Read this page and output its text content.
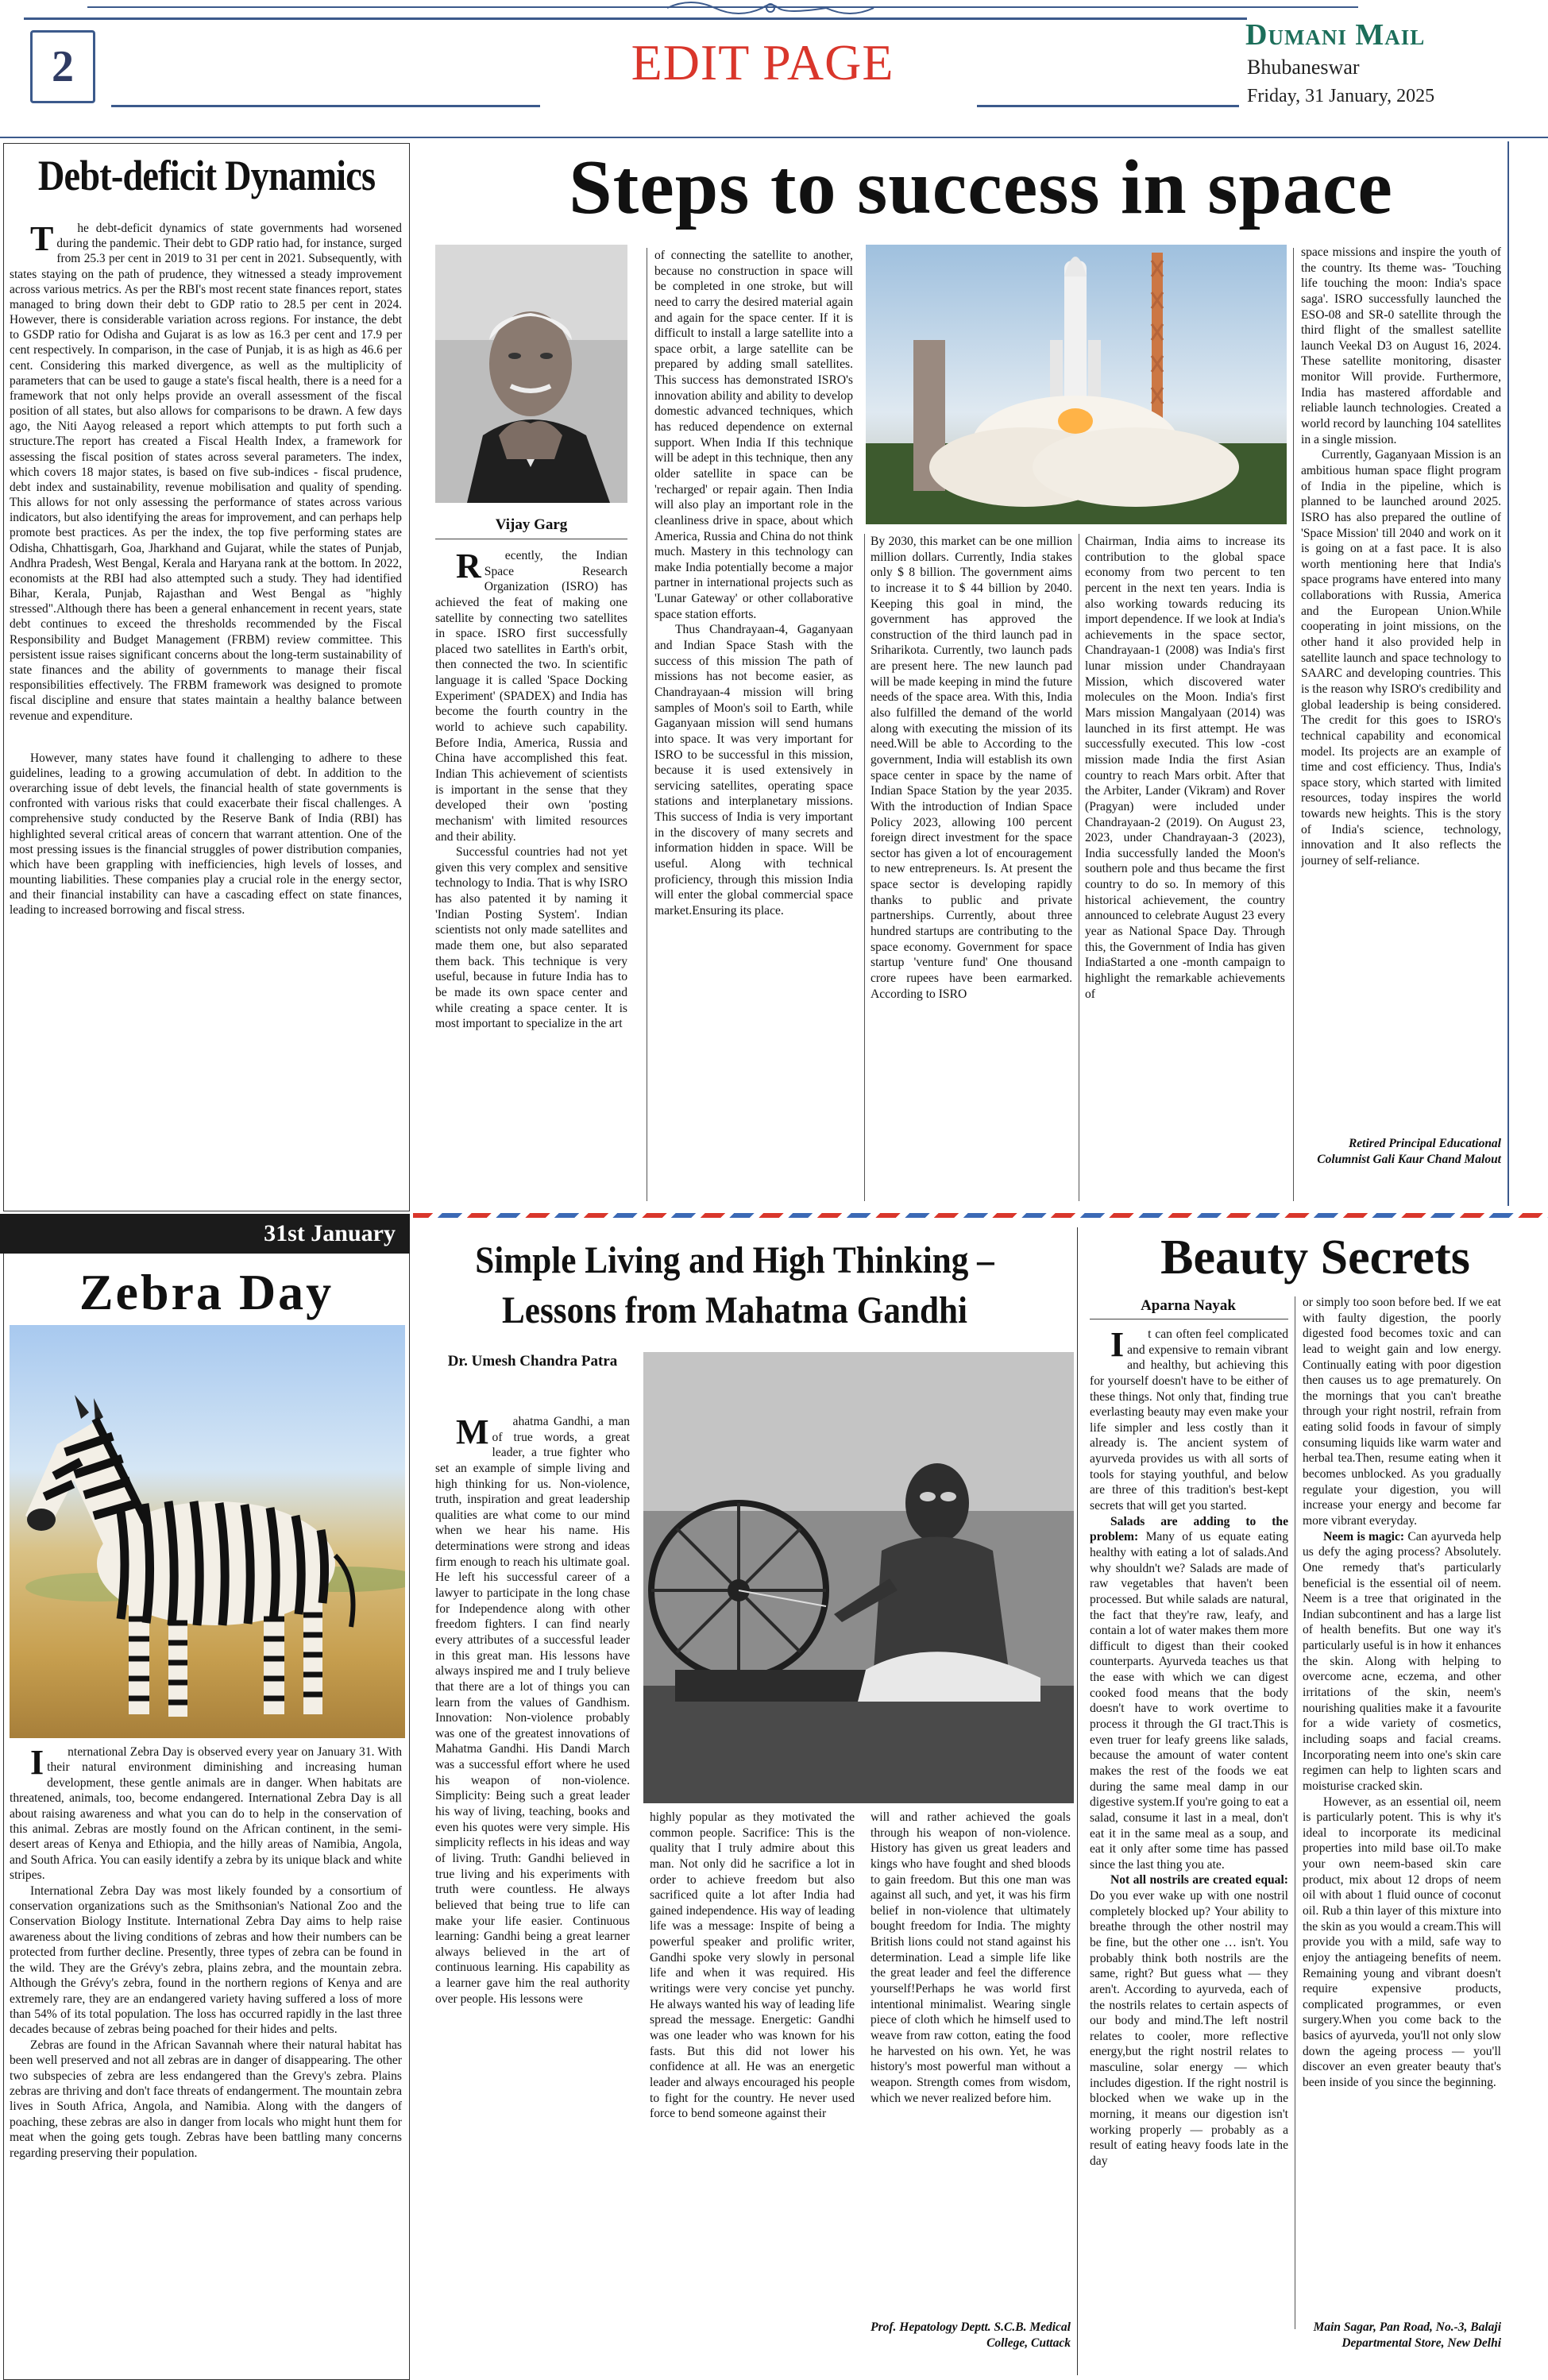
2	EDIT PAGE	Dumani Mail
Bhubaneswar
Friday, 31 January, 2025
Debt-deficit Dynamics

The debt-deficit dynamics of state governments had worsened during the pandemic. Their debt to GDP ratio had, for instance, surged from 25.3 per cent in 2019 to 31 per cent in 2021. Subsequently, with states staying on the path of prudence, they witnessed a steady improvement across various metrics. As per the RBI's most recent state finances report, states managed to bring down their debt to GDP ratio to 28.5 per cent in 2024. However, there is considerable variation across regions. For instance, the debt to GSDP ratio for Odisha and Gujarat is as low as 16.3 per cent and 17.9 per cent respectively. In comparison, in the case of Punjab, it is as high as 46.6 per cent. Considering this marked divergence, as well as the multiplicity of parameters that can be used to gauge a state's fiscal health, there is a need for a framework that not only helps provide an overall assessment of the fiscal position of all states, but also allows for comparisons to be drawn. A few days ago, the Niti Aayog released a report which attempts to put forth such a structure.The report has created a Fiscal Health Index, a framework for assessing the fiscal position of states across several parameters. The index, which covers 18 major states, is based on five sub-indices - fiscal prudence, debt index and sustainability, revenue mobilisation and quality of spending. This allows for not only assessing the performance of states across various indicators, but also identifying the areas for improvement, and can perhaps help promote best practices. As per the index, the top five performing states are Odisha, Chhattisgarh, Goa, Jharkhand and Gujarat, while the states of Punjab, Andhra Pradesh, West Bengal, Kerala and Haryana rank at the bottom. In 2022, economists at the RBI had also attempted such a study. They had identified Bihar, Kerala, Punjab, Rajasthan and West Bengal as "highly stressed".Although there has been a general enhancement in recent years, state debt continues to exceed the thresholds recommended by the Fiscal Responsibility and Budget Management (FRBM) review committee. This persistent issue raises significant concerns about the long-term sustainability of state finances and the ability of governments to manage their fiscal responsibilities effectively. The FRBM framework was designed to promote fiscal discipline and ensure that states maintain a healthy balance between revenue and expenditure.

However, many states have found it challenging to adhere to these guidelines, leading to a growing accumulation of debt. In addition to the overarching issue of debt levels, the financial health of state governments is confronted with various risks that could exacerbate their fiscal challenges. A comprehensive study conducted by the Reserve Bank of India (RBI) has highlighted several critical areas of concern that warrant attention. One of the most pressing issues is the financial struggles of power distribution companies, which have been grappling with inefficiencies, high levels of losses, and mounting liabilities. These companies play a crucial role in the energy sector, and their financial instability can have a cascading effect on state finances, leading to increased borrowing and fiscal stress.

31st January
Zebra Day

International Zebra Day is observed every year on January 31. With their natural environment diminishing and increasing human development, these gentle animals are in danger. When habitats are threatened, animals, too, become endangered. International Zebra Day is all about raising awareness and what you can do to help in the conservation of this animal. Zebras are mostly found on the African continent, in the semi-desert areas of Kenya and Ethiopia, and the hilly areas of Namibia, Angola, and South Africa. You can easily identify a zebra by its unique black and white stripes.

International Zebra Day was most likely founded by a consortium of conservation organizations such as the Smithsonian's National Zoo and the Conservation Biology Institute. International Zebra Day aims to help raise awareness about the living conditions of zebras and how their numbers can be protected from further decline. Presently, three types of zebra can be found in the wild. They are the Grévy's zebra, plains zebra, and the mountain zebra. Although the Grévy's zebra, found in the northern regions of Kenya and are extremely rare, they are an endangered variety having suffered a loss of more than 54% of its total population. The loss has occurred rapidly in the last three decades because of zebras being poached for their hides and pelts.

Zebras are found in the African Savannah where their natural habitat has been well preserved and not all zebras are in danger of disappearing. The other two subspecies of zebra are less endangered than the Grevy's zebra. Plains zebras are thriving and don't face threats of endangerment. The mountain zebra lives in South Africa, Angola, and Namibia. Along with the dangers of poaching, these zebras are also in danger from locals who might hunt them for meat when the going gets tough. Zebras have been battling many concerns regarding preserving their population.

Steps to success in space
Vijay Garg

Recently, the Indian Space Research Organization (ISRO) has achieved the feat of making one satellite by connecting two satellites in space. ISRO first successfully placed two satellites in Earth's orbit, then connected the two. In scientific language it is called 'Space Docking Experiment' (SPADEX) and India has become the fourth country in the world to achieve such capability. Before India, America, Russia and China have accomplished this feat. Indian This achievement of scientists is important in the sense that they developed their own 'posting mechanism' with limited resources and their ability.

Successful countries had not yet given this very complex and sensitive technology to India. That is why ISRO has also patented it by naming it 'Indian Posting System'. Indian scientists not only made satellites and made them one, but also separated them back. This technique is very useful, because in future India has to be made its own space center and while creating a space center. It is most important to specialize in the art

of connecting the satellite to another, because no construction in space will be completed in one stroke, but will need to carry the desired material again and again for the space center. If it is difficult to install a large satellite into a space orbit, a large satellite can be prepared by adding small satellites. This success has demonstrated ISRO's innovation ability and ability to develop domestic advanced techniques, which has reduced dependence on external support. When India If this technique will be adept in this technique, then any older satellite in space can be 'recharged' or repair again. Then India will also play an important role in the cleanliness drive in space, about which America, Russia and China do not think much. Mastery in this technology can make India potentially become a major partner in international projects such as 'Lunar Gateway' or other collaborative space station efforts.

Thus Chandrayaan-4, Gaganyaan and Indian Space Stash with the success of this mission The path of missions has not become easier, as Chandrayaan-4 mission will bring samples of Moon's soil to Earth, while Gaganyaan mission will send humans into space. It was very important for ISRO to be successful in this mission, because it is used extensively in servicing satellites, operating space stations and interplanetary missions. This success of India is very important in the discovery of many secrets and information hidden in space. Will be useful. Along with technical proficiency, through this mission India will enter the global commercial space market.Ensuring its place.

By 2030, this market can be one million million dollars. Currently, India stakes only $ 8 billion. The government aims to increase it to $ 44 billion by 2040. Keeping this goal in mind, the government has approved the construction of the third launch pad in Sriharikota. Currently, two launch pads are present here. The new launch pad will be made keeping in mind the future needs of the space area. With this, India also fulfilled the demand of the world along with executing the mission of its need.Will be able to According to the government, India will establish its own space center in space by the name of Indian Space Station by the year 2035. With the introduction of Indian Space Policy 2023, allowing 100 percent foreign direct investment for the space sector has given a lot of encouragement to new entrepreneurs. Is. At present the space sector is developing rapidly thanks to public and private partnerships. Currently, about three hundred startups are contributing to the space economy. Government for space startup 'venture fund' One thousand crore rupees have been earmarked. According to ISRO

Chairman, India aims to increase its contribution to the global space economy from two percent to ten percent in the next ten years. India is also working towards reducing its import dependence. If we look at India's achievements in the space sector, Chandrayaan-1 (2008) was India's first lunar mission under Chandrayaan Mission, which discovered water molecules on the Moon. India's first Mars mission Mangalyaan (2014) was launched in its first attempt. He was successfully executed. This low -cost mission made India the first Asian country to reach Mars orbit. After that the Arbiter, Lander (Vikram) and Rover (Pragyan) were included under Chandrayaan-2 (2019). On August 23, 2023, under Chandrayaan-3 (2023), India successfully landed the Moon's southern pole and thus became the first country to do so. In memory of this historical achievement, the country announced to celebrate August 23 every year as National Space Day. Through this, the Government of India has given IndiaStarted a one -month campaign to highlight the remarkable achievements of

space missions and inspire the youth of the country. Its theme was- 'Touching life touching the moon: India's space saga'. ISRO successfully launched the ESO-08 and SR-0 satellite through the third flight of the smallest satellite launch Veekal D3 on August 16, 2024. These satellite monitoring, disaster monitor Will provide. Furthermore, India has mastered affordable and reliable launch technologies. Created a world record by launching 104 satellites in a single mission.

Currently, Gaganyaan Mission is an ambitious human space flight program of India in the pipeline, which is planned to be launched around 2025. ISRO has also prepared the outline of 'Space Mission' till 2040 and work on it is going on at a fast pace. It is also worth mentioning here that India's space programs have entered into many collaborations with Russia, America and the European Union.While cooperating in joint missions, on the other hand it also provided help in satellite launch and space technology to SAARC and developing countries. This is the reason why ISRO's credibility and global leadership is being considered. The credit for this goes to ISRO's technical capability and economical model. Its projects are an example of time and cost efficiency. Thus, India's space story, which started with limited resources, today inspires the world towards new heights. This is the story of India's science, technology, innovation and It also reflects the journey of self-reliance.

Retired Principal Educational Columnist Gali Kaur Chand Malout
Simple Living and High Thinking –
Lessons from Mahatma Gandhi
Dr. Umesh Chandra Patra

Mahatma Gandhi, a man of true words, a great leader, a true fighter who set an example of simple living and high thinking for us. Non-violence, truth, inspiration and great leadership qualities are what come to our mind when we hear his name. His determinations were strong and ideas firm enough to reach his ultimate goal. He left his successful career of a lawyer to participate in the long chase for Independence along with other freedom fighters. I can find nearly every attributes of a successful leader in this great man. His lessons have always inspired me and I truly believe that there are a lot of things you can learn from the values of Gandhism. Innovation: Non-violence probably was one of the greatest innovations of Mahatma Gandhi. His Dandi March was a successful effort where he used his weapon of non-violence. Simplicity: Being such a great leader his way of living, teaching, books and even his quotes were very simple. His simplicity reflects in his ideas and way of living. Truth: Gandhi believed in true living and his experiments with truth were countless. He always believed that being true to life can make your life easier. Continuous learning: Gandhi being a great learner always believed in the art of continuous learning. His capability as a learner gave him the real authority over people. His lessons were

highly popular as they motivated the common people. Sacrifice: This is the quality that I truly admire about this man. Not only did he sacrifice a lot in order to achieve freedom but also sacrificed quite a lot after India had gained independence. His way of leading life was a message: Inspite of being a powerful speaker and prolific writer, Gandhi spoke very slowly in personal life and when it was required. His writings were very concise yet punchy. He always wanted his way of leading life spread the message. Energetic: Gandhi was one leader who was known for his fasts. But this did not lower his confidence at all. He was an energetic leader and always encouraged his people to fight for the country. He never used force to bend someone against their

will and rather achieved the goals through his weapon of non-violence. History has given us great leaders and kings who have fought and shed bloods to gain freedom. But this one man was against all such, and yet, it was his firm belief in non-violence that ultimately bought freedom for India. The mighty British lions could not stand against his determination. Lead a simple life like the great leader and feel the difference yourself!Perhaps he was world first intentional minimalist. Wearing single piece of cloth which he himself used to weave from raw cotton, eating the food he harvested on his own. Yet, he was history's most powerful man without a weapon. Strength comes from wisdom, which we never realized before him.

Prof. Hepatology Deptt. S.C.B. Medical College, Cuttack
Beauty Secrets
Aparna Nayak

It can often feel complicated and expensive to remain vibrant and healthy, but achieving this for yourself doesn't have to be either of these things. Not only that, finding true everlasting beauty may even make your life simpler and less costly than it already is. The ancient system of ayurveda provides us with all sorts of tools for staying youthful, and below are three of this tradition's best-kept secrets that will get you started.

Salads are adding to the problem: Many of us equate eating healthy with eating a lot of salads.And why shouldn't we? Salads are made of raw vegetables that haven't been processed. But while salads are natural, the fact that they're raw, leafy, and contain a lot of water makes them more difficult to digest than their cooked counterparts. Ayurveda teaches us that the ease with which we can digest cooked food means that the body doesn't have to work overtime to process it through the GI tract.This is even truer for leafy greens like salads, because the amount of water content makes the rest of the foods we eat during the same meal damp in our digestive system.If you're going to eat a salad, consume it last in a meal, don't eat it in the same meal as a soup, and eat it only after some time has passed since the last thing you ate.

Not all nostrils are created equal: Do you ever wake up with one nostril completely blocked up? Your ability to breathe through the other nostril may be fine, but the other one … isn't. You probably think both nostrils are the same, right? But guess what — they aren't. According to ayurveda, each of the nostrils relates to certain aspects of our body and mind.The left nostril relates to cooler, more reflective energy,but the right nostril relates to masculine, solar energy — which includes digestion. If the right nostril is blocked when we wake up in the morning, it means our digestion isn't working properly — probably as a result of eating heavy foods late in the day

or simply too soon before bed. If we eat with faulty digestion, the poorly digested food becomes toxic and can lead to weight gain and low energy. Continually eating with poor digestion then causes us to age prematurely. On the mornings that you can't breathe through your right nostril, refrain from eating solid foods in favour of simply consuming liquids like warm water and herbal tea.Then, resume eating when it becomes unblocked. As you gradually regulate your digestion, you will increase your energy and become far more vibrant everyday.

Neem is magic: Can ayurveda help us defy the aging process? Absolutely. One remedy that's particularly beneficial is the essential oil of neem. Neem is a tree that originated in the Indian subcontinent and has a large list of health benefits. But one way it's particularly useful is in how it enhances the skin. Along with helping to overcome acne, eczema, and other irritations of the skin, neem's nourishing qualities make it a favourite for a wide variety of cosmetics, including soaps and facial creams. Incorporating neem into one's skin care regimen can help to lighten scars and moisturise cracked skin.

However, as an essential oil, neem is particularly potent. This is why it's ideal to incorporate its medicinal properties into mild base oil.To make your own neem-based skin care product, mix about 12 drops of neem oil with about 1 fluid ounce of coconut oil. Rub a thin layer of this mixture into the skin as you would a cream.This will provide you with a mild, safe way to enjoy the antiageing benefits of neem. Remaining young and vibrant doesn't require expensive products, complicated programmes, or even surgery.When you come back to the basics of ayurveda, you'll not only slow down the ageing process — you'll discover an even greater beauty that's been inside of you since the beginning.

Main Sagar, Pan Road, No.-3, Balaji Departmental Store, New Delhi
